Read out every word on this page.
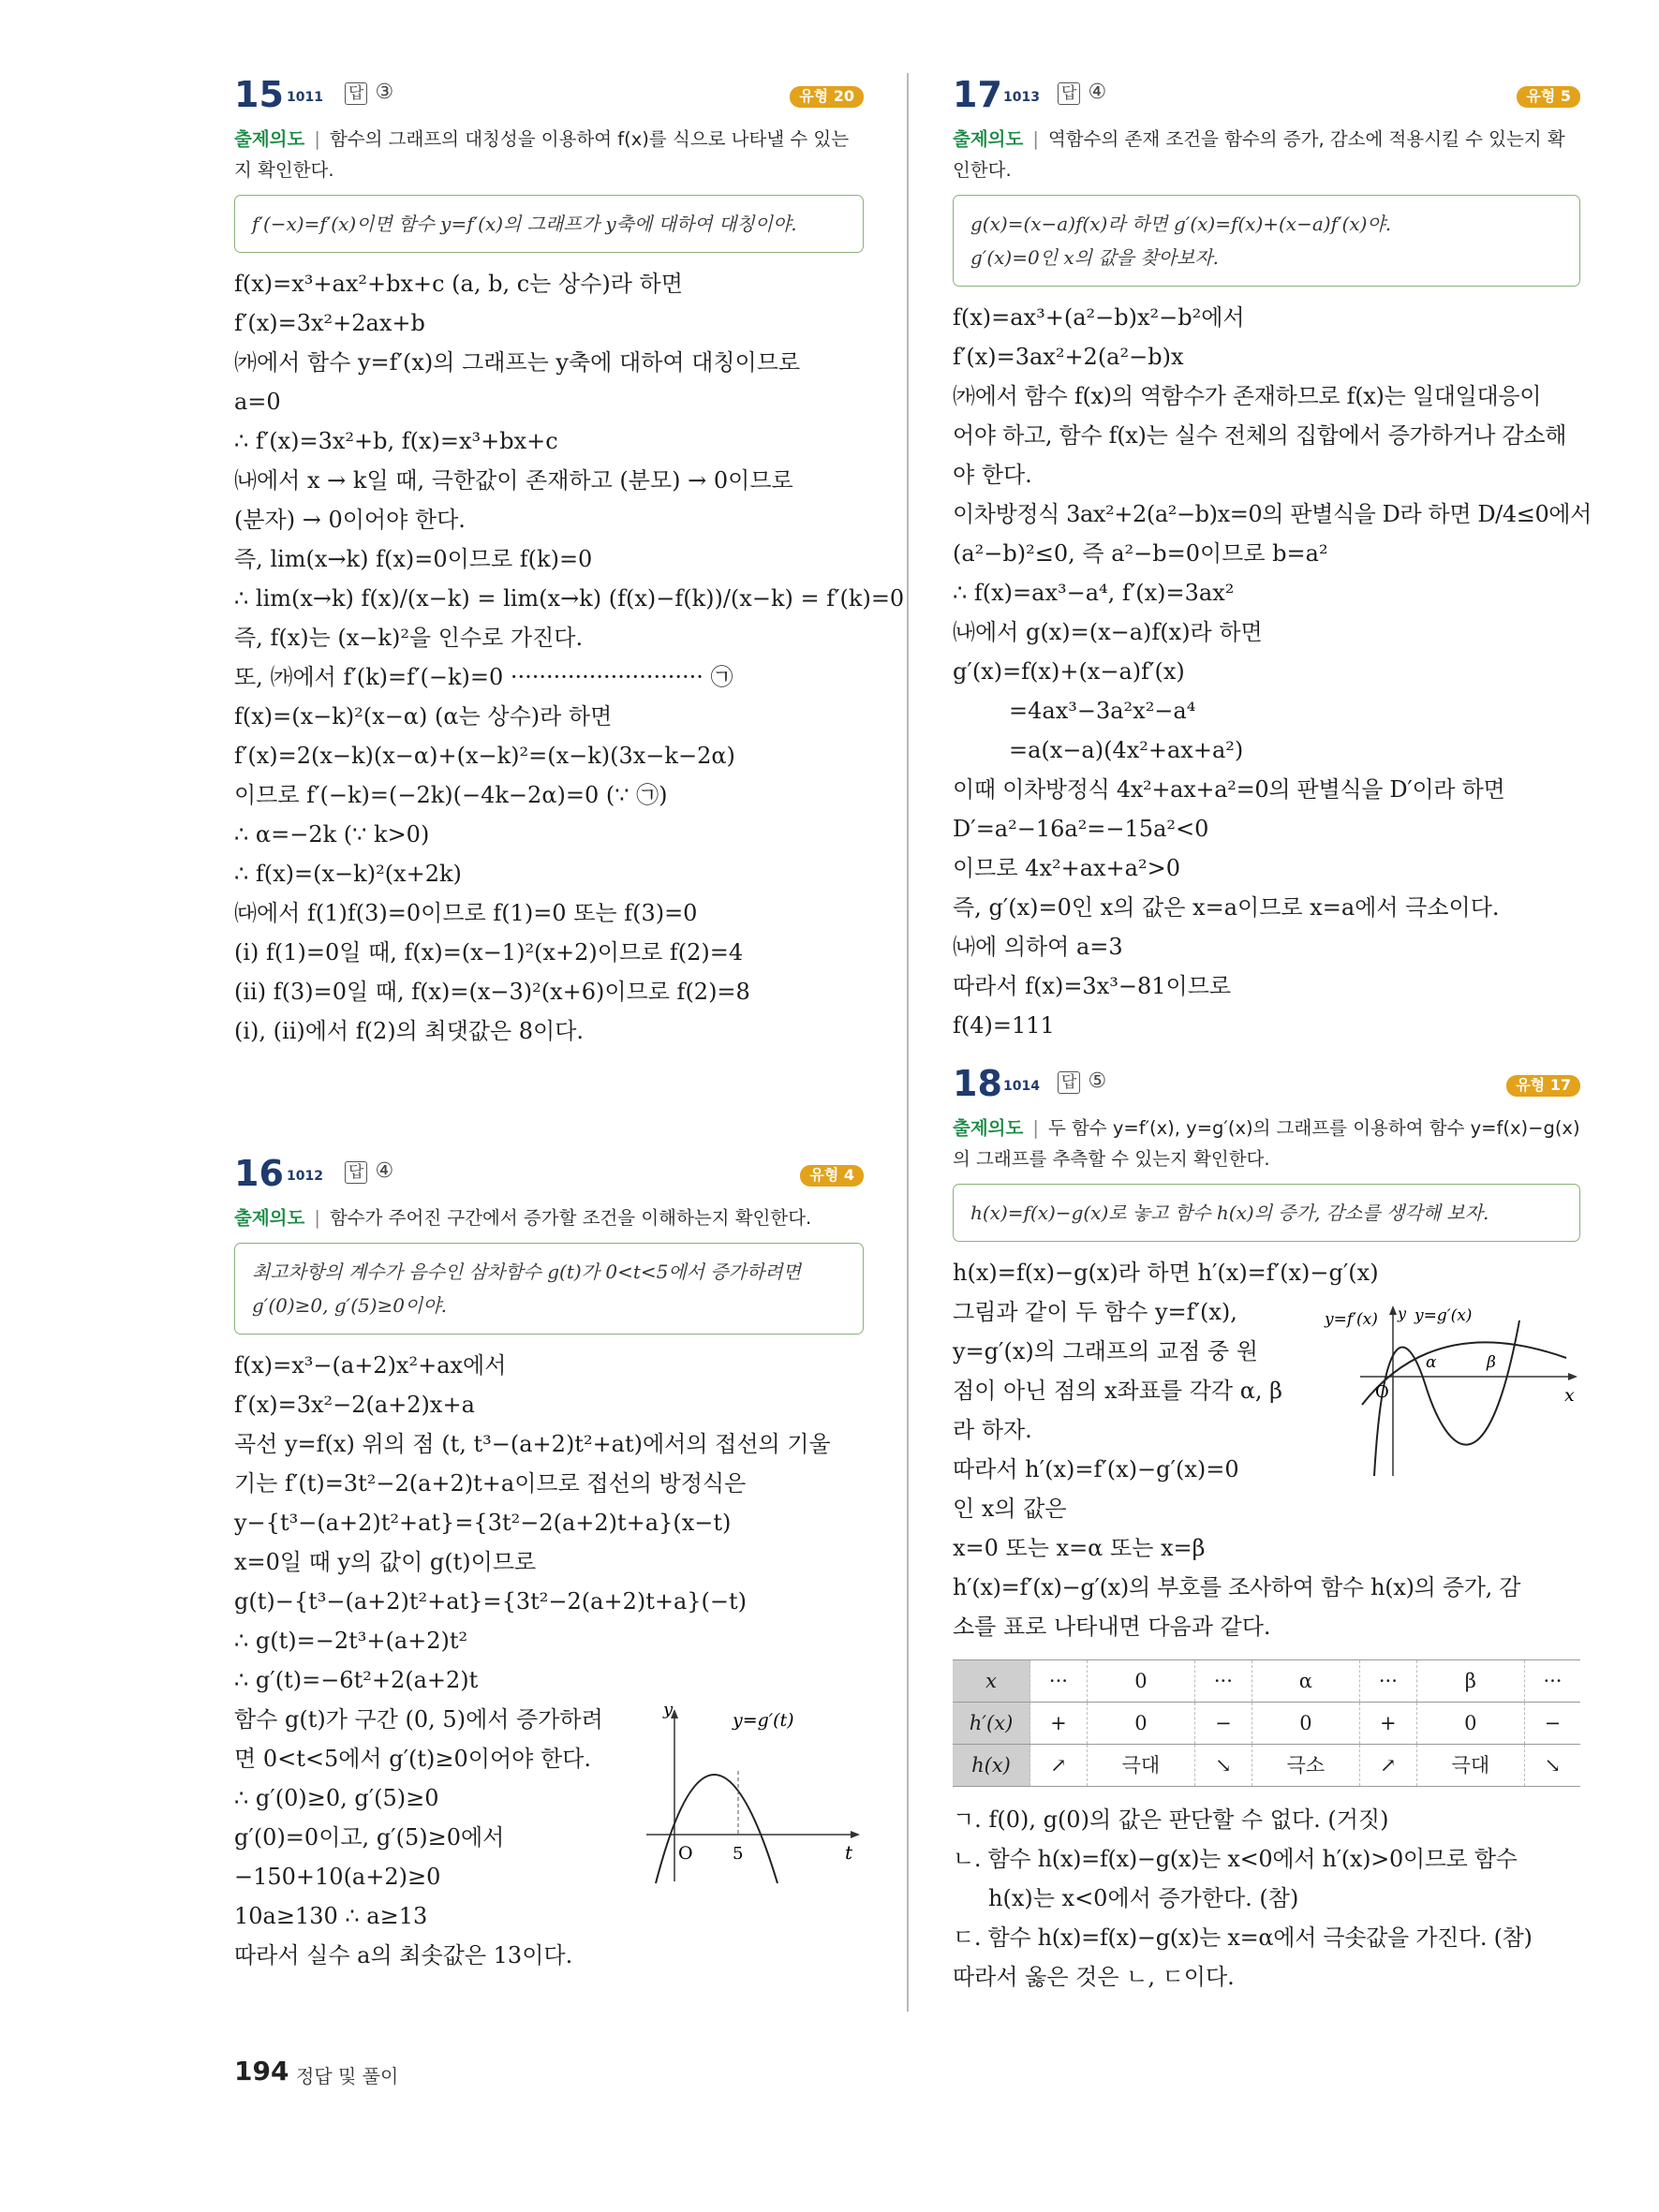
15 1011 답 ③	유형 20
출제의도 | 함수의 그래프의 대칭성을 이용하여 f(x)를 식으로 나타낼 수 있는지 확인한다.
f′(−x)=f′(x)이면 함수 y=f′(x)의 그래프가 y축에 대하여 대칭이야.
f(x)=x³+ax²+bx+c (a, b, c는 상수)라 하면
f′(x)=3x²+2ax+b
㈎에서 함수 y=f′(x)의 그래프는 y축에 대하여 대칭이므로
a=0
∴ f′(x)=3x²+b, f(x)=x³+bx+c
㈏에서 x → k일 때, 극한값이 존재하고 (분모) → 0이므로
(분자) → 0이어야 한다.
즉, lim(x→k) f(x)=0이므로 f(k)=0
∴ lim(x→k) f(x)/(x−k) = lim(x→k) (f(x)−f(k))/(x−k) = f′(k)=0
즉, f(x)는 (x−k)²을 인수로 가진다.
또, ㈎에서 f′(k)=f′(−k)=0 ··························· ㉠
f(x)=(x−k)²(x−α) (α는 상수)라 하면
f′(x)=2(x−k)(x−α)+(x−k)²=(x−k)(3x−k−2α)
이므로 f′(−k)=(−2k)(−4k−2α)=0 (∵ ㉠)
∴ α=−2k (∵ k>0)
∴ f(x)=(x−k)²(x+2k)
㈐에서 f(1)f(3)=0이므로 f(1)=0 또는 f(3)=0
(i) f(1)=0일 때, f(x)=(x−1)²(x+2)이므로 f(2)=4
(ii) f(3)=0일 때, f(x)=(x−3)²(x+6)이므로 f(2)=8
(i), (ii)에서 f(2)의 최댓값은 8이다.
16 1012 답 ④	유형 4
출제의도 | 함수가 주어진 구간에서 증가할 조건을 이해하는지 확인한다.
최고차항의 계수가 음수인 삼차함수 g(t)가 0<t<5에서 증가하려면
g′(0)≥0, g′(5)≥0이야.
f(x)=x³−(a+2)x²+ax에서
f′(x)=3x²−2(a+2)x+a
곡선 y=f(x) 위의 점 (t, t³−(a+2)t²+at)에서의 접선의 기울
기는 f′(t)=3t²−2(a+2)t+a이므로 접선의 방정식은
y−{t³−(a+2)t²+at}={3t²−2(a+2)t+a}(x−t)
x=0일 때 y의 값이 g(t)이므로
g(t)−{t³−(a+2)t²+at}={3t²−2(a+2)t+a}(−t)
∴ g(t)=−2t³+(a+2)t²
∴ g′(t)=−6t²+2(a+2)t
함수 g(t)가 구간 (0, 5)에서 증가하려
면 0<t<5에서 g′(t)≥0이어야 한다.
∴ g′(0)≥0, g′(5)≥0
g′(0)=0이고, g′(5)≥0에서
−150+10(a+2)≥0
10a≥130 ∴ a≥13
따라서 실수 a의 최솟값은 13이다.
y
t
O 5
y=g′(t)
17 1013 답 ④	유형 5
출제의도 | 역함수의 존재 조건을 함수의 증가, 감소에 적용시킬 수 있는지 확인한다.
g(x)=(x−a)f(x)라 하면 g′(x)=f(x)+(x−a)f′(x)야.
g′(x)=0인 x의 값을 찾아보자.
f(x)=ax³+(a²−b)x²−b²에서
f′(x)=3ax²+2(a²−b)x
㈎에서 함수 f(x)의 역함수가 존재하므로 f(x)는 일대일대응이
어야 하고, 함수 f(x)는 실수 전체의 집합에서 증가하거나 감소해
야 한다.
이차방정식 3ax²+2(a²−b)x=0의 판별식을 D라 하면 D/4≤0에서
(a²−b)²≤0, 즉 a²−b=0이므로 b=a²
∴ f(x)=ax³−a⁴, f′(x)=3ax²
㈏에서 g(x)=(x−a)f(x)라 하면
g′(x)=f(x)+(x−a)f′(x)
=4ax³−3a²x²−a⁴
=a(x−a)(4x²+ax+a²)
이때 이차방정식 4x²+ax+a²=0의 판별식을 D′이라 하면
D′=a²−16a²=−15a²<0
이므로 4x²+ax+a²>0
즉, g′(x)=0인 x의 값은 x=a이므로 x=a에서 극소이다.
㈏에 의하여 a=3
따라서 f(x)=3x³−81이므로
f(4)=111
18 1014 답 ⑤	유형 17
출제의도 | 두 함수 y=f′(x), y=g′(x)의 그래프를 이용하여 함수 y=f(x)−g(x)의 그래프를 추측할 수 있는지 확인한다.
h(x)=f(x)−g(x)로 놓고 함수 h(x)의 증가, 감소를 생각해 보자.
h(x)=f(x)−g(x)라 하면 h′(x)=f′(x)−g′(x)
그림과 같이 두 함수 y=f′(x),
y=g′(x)의 그래프의 교점 중 원
점이 아닌 점의 x좌표를 각각 α, β
라 하자.
따라서 h′(x)=f′(x)−g′(x)=0
인 x의 값은
y=f′(x) y=g′(x)
y
x
O
α	β
x=0 또는 x=α 또는 x=β
h′(x)=f′(x)−g′(x)의 부호를 조사하여 함수 h(x)의 증가, 감
소를 표로 나타내면 다음과 같다.
x	···	0	···	α	···	β	···
h′(x)	+	0	−	0	+	0	−
h(x)	↗	극대	↘	극소	↗	극대	↘
ㄱ. f(0), g(0)의 값은 판단할 수 없다. (거짓)
ㄴ. 함수 h(x)=f(x)−g(x)는 x<0에서 h′(x)>0이므로 함수
h(x)는 x<0에서 증가한다. (참)
ㄷ. 함수 h(x)=f(x)−g(x)는 x=α에서 극솟값을 가진다. (참)
따라서 옳은 것은 ㄴ, ㄷ이다.
194 정답 및 풀이
